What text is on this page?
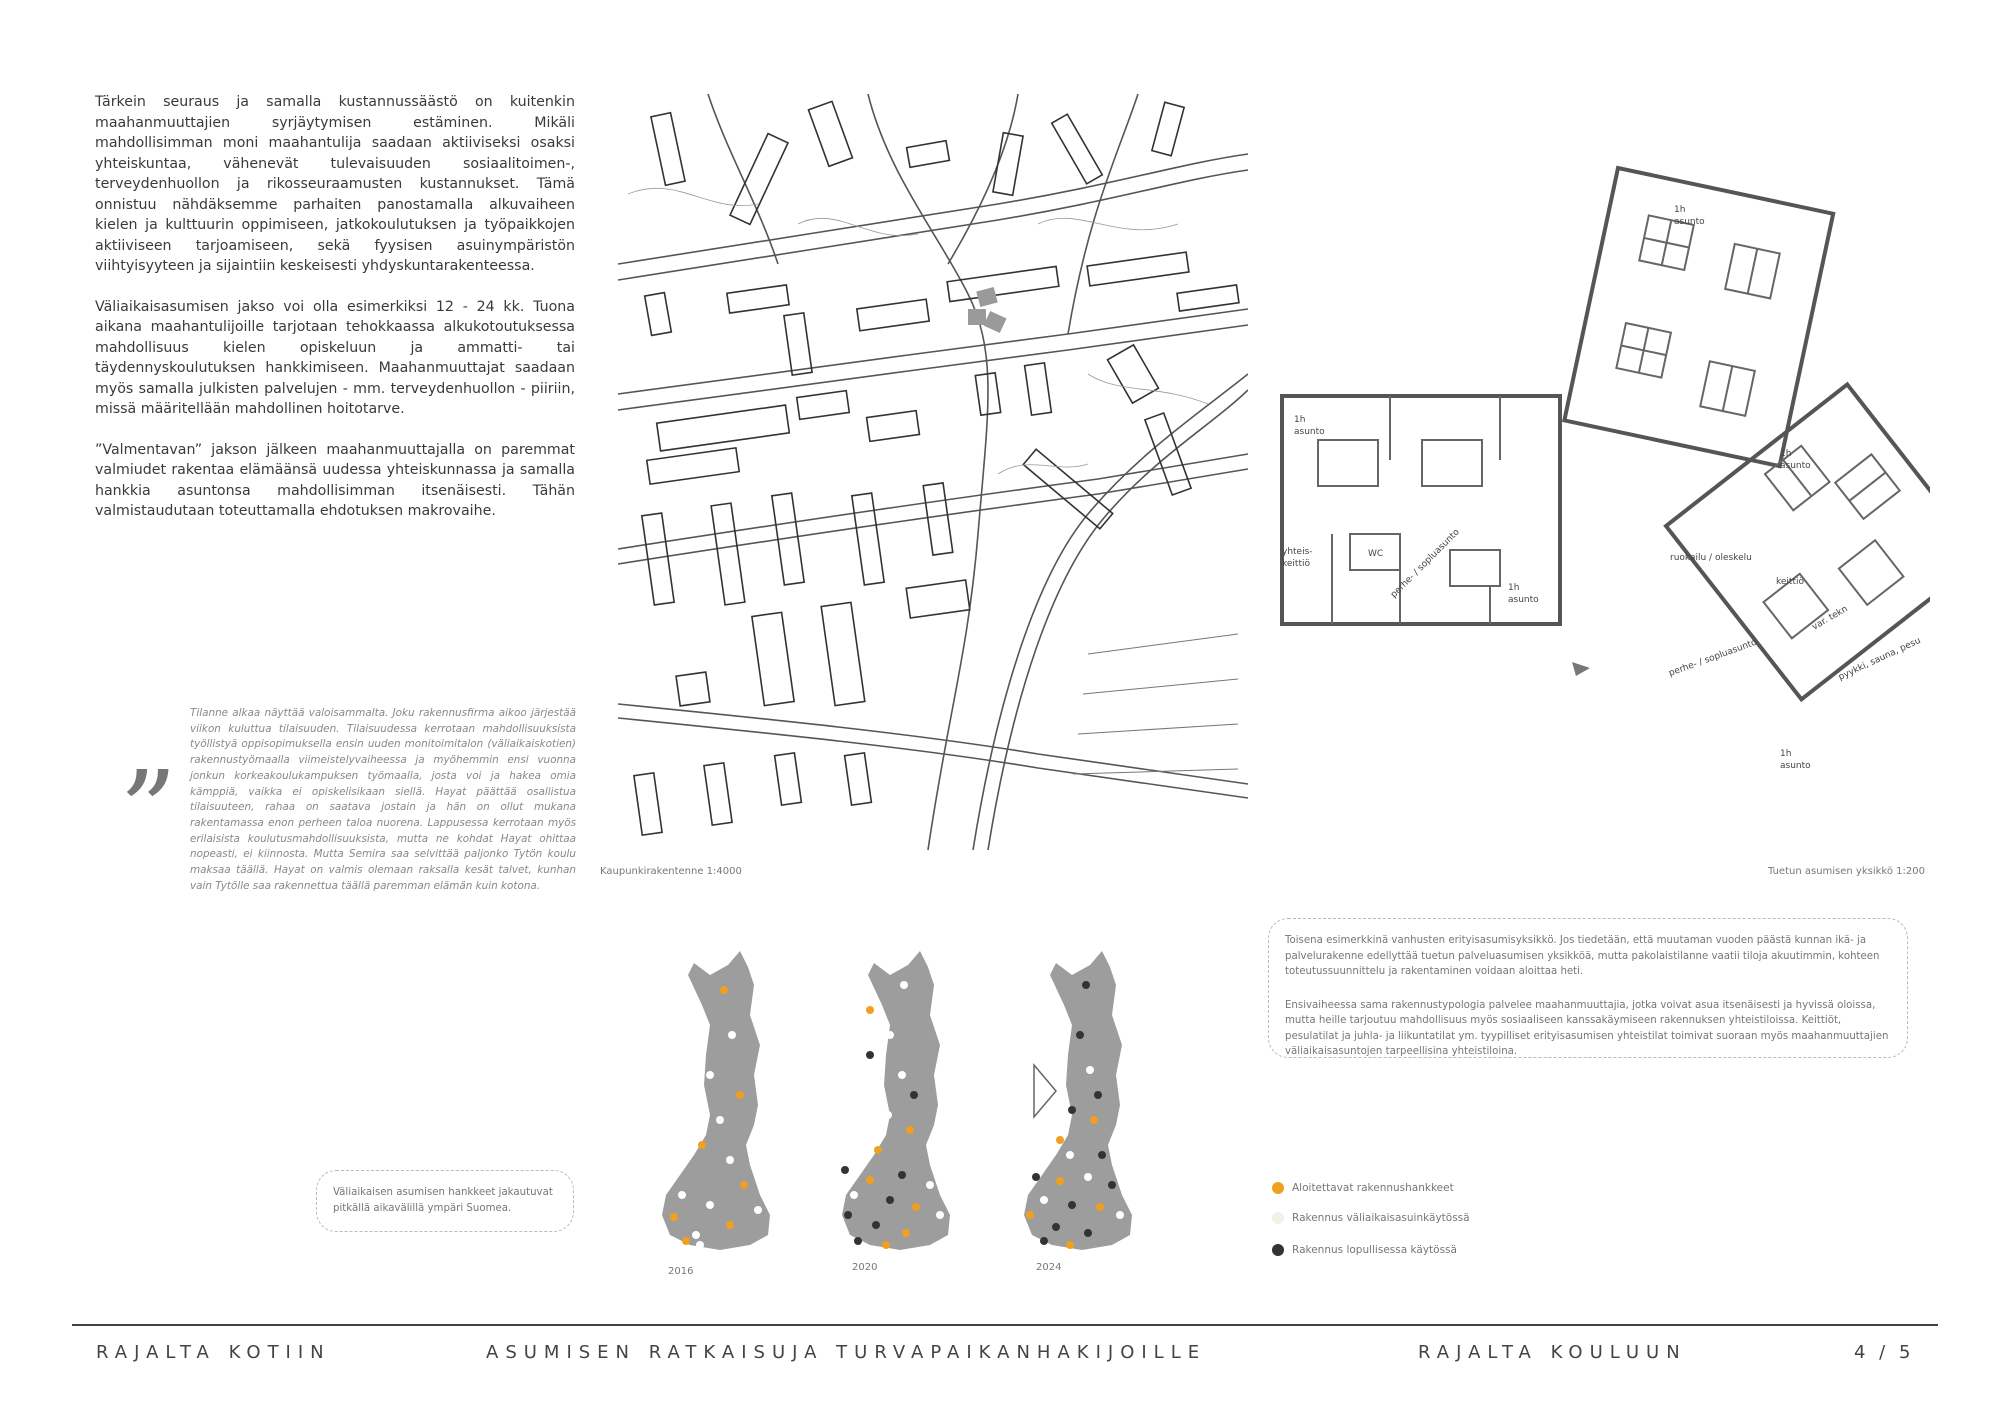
Tärkein seuraus ja samalla kustannussäästö on kuitenkin maahanmuuttajien syrjäytymisen estäminen. Mikäli mahdollisimman moni maahantulija saadaan aktiiviseksi osaksi yhteiskuntaa, vähenevät tulevaisuuden sosiaalitoimen-, terveydenhuollon ja rikosseuraamusten kustannukset. Tämä onnistuu nähdäksemme parhaiten panostamalla alkuvaiheen kielen ja kulttuurin oppimiseen, jatkokoulutuksen ja työpaikkojen aktiiviseen tarjoamiseen, sekä fyysisen asuinympäristön viihtyisyyteen ja sijaintiin keskeisesti yhdyskuntarakenteessa.

Väliaikaisasumisen jakso voi olla esimerkiksi 12 - 24 kk. Tuona aikana maahantulijoille tarjotaan tehokkaassa alkukotoutuksessa mahdollisuus kielen opiskeluun ja ammatti- tai täydennyskoulutuksen hankkimiseen. Maahanmuuttajat saadaan myös samalla julkisten palvelujen - mm. terveydenhuollon - piiriin, missä määritellään mahdollinen hoitotarve.

”Valmentavan” jakson jälkeen maahanmuuttajalla on paremmat valmiudet rakentaa elämäänsä uudessa yhteiskunnassa ja samalla hankkia asuntonsa mahdollisimman itsenäisesti. Tähän valmistaudutaan toteuttamalla ehdotuksen makrovaihe.

„ Tilanne alkaa näyttää valoisammalta. Joku rakennusfirma aikoo järjestää viikon kuluttua tilaisuuden. Tilaisuudessa kerrotaan mahdollisuuksista työllistyä oppisopimuksella ensin uuden monitoimitalon (väliaikaiskotien) rakennustyömaalla viimeistelyvaiheessa ja myöhemmin ensi vuonna jonkun korkeakoulukampuksen työmaalla, josta voi ja hakea omia kämppiä, vaikka ei opiskelisikaan siellä. Hayat päättää osallistua tilaisuuteen, rahaa on saatava jostain ja hän on ollut mukana rakentamassa enon perheen taloa nuorena. Lappusessa kerrotaan myös erilaisista koulutusmahdollisuuksista, mutta ne kohdat Hayat ohittaa nopeasti, ei kiinnosta. Mutta Semira saa selvittää paljonko Tytön koulu maksaa täällä. Hayat on valmis olemaan raksalla kesät talvet, kunhan vain Tytölle saa rakennettua täällä paremman elämän kuin kotona.
Kaupunkirakentenne 1:4000
1h
asunto
yhteis-
keittiö
WC
1h
asunto
ruokailu / oleskelu
1h
asunto
1h
asunto
keittiö
var. tekn
pyykki, sauna, pesu
perhe- / sopluasunto
perhe- / sopluasunto
1h
asunto
Tuetun asumisen yksikkö 1:200

Toisena esimerkkinä vanhusten erityisasumisyksikkö. Jos tiedetään, että muutaman vuoden päästä kunnan ikä- ja palvelurakenne edellyttää tuetun palveluasumisen yksikköä, mutta pakolaistilanne vaatii tiloja akuutimmin, kohteen toteutussuunnittelu ja rakentaminen voidaan aloittaa heti.

Ensivaiheessa sama rakennustypologia palvelee maahanmuuttajia, jotka voivat asua itsenäisesti ja hyvissä oloissa, mutta heille tarjoutuu mahdollisuus myös sosiaaliseen kanssakäymiseen rakennuksen yhteistiloissa. Keittiöt, pesulatilat ja juhla- ja liikuntatilat ym. tyypilliset erityisasumisen yhteistilat toimivat suoraan myös maahanmuuttajien väliaikaisasuntojen tarpeellisina yhteistiloina.

2016	2020	2024
Väliaikaisen asumisen hankkeet jakautuvat pitkällä aikavälillä ympäri Suomea.
Aloitettavat rakennushankkeet
Rakennus väliaikaisasuinkäytössä
Rakennus lopullisessa käytössä
RAJALTA KOTIIN	ASUMISEN RATKAISUJA TURVAPAIKANHAKIJOILLE	RAJALTA KOULUUN	4 / 5
